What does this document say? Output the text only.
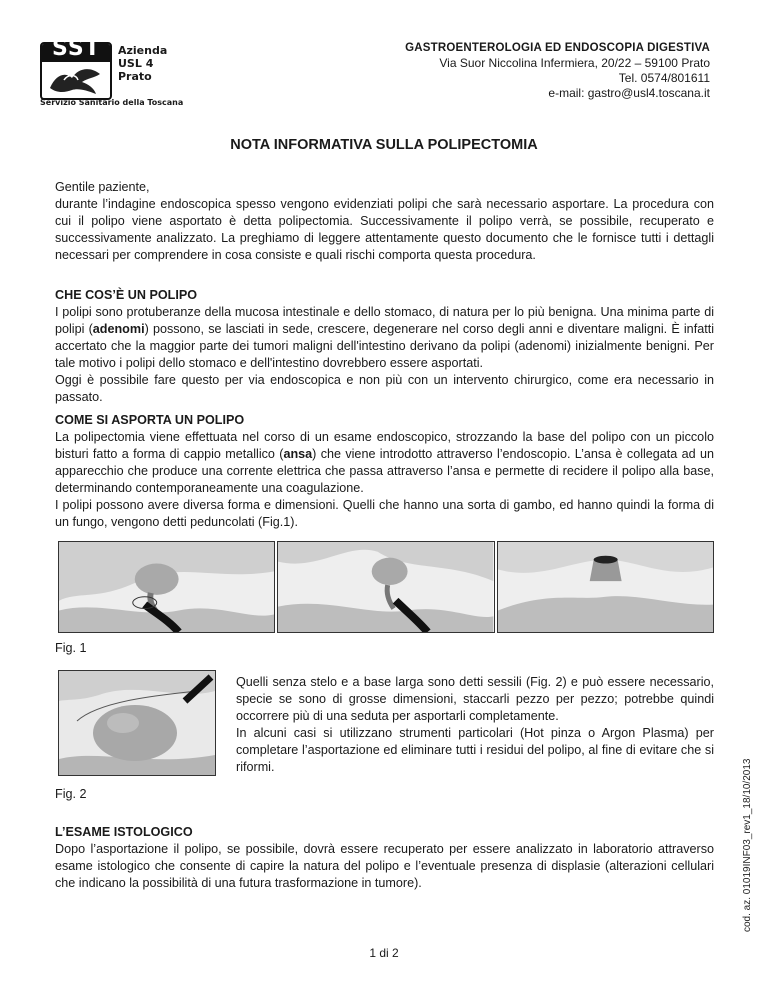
SST Azienda
USL 4
Prato
Servizio Sanitario della Toscana
GASTROENTEROLOGIA ED ENDOSCOPIA DIGESTIVA
Via Suor Niccolina Infermiera, 20/22 – 59100 Prato
Tel. 0574/801611
e-mail: gastro@usl4.toscana.it
NOTA INFORMATIVA SULLA POLIPECTOMIA

Gentile paziente,

durante l’indagine endoscopica spesso vengono evidenziati polipi che sarà necessario asportare. La procedura con cui il polipo viene asportato è detta polipectomia. Successivamente il polipo verrà, se possibile, recuperato e successivamente analizzato. La preghiamo di leggere attentamente questo documento che le fornisce tutti i dettagli necessari per comprendere in cosa consiste e quali rischi comporta questa procedura.

CHE COS’È UN POLIPO

I polipi sono protuberanze della mucosa intestinale e dello stomaco, di natura per lo più benigna. Una minima parte di polipi (adenomi) possono, se lasciati in sede, crescere, degenerare nel corso degli anni e diventare maligni. È infatti accertato che la maggior parte dei tumori maligni dell'intestino derivano da polipi (adenomi) inizialmente benigni. Per tale motivo i polipi dello stomaco e dell'intestino dovrebbero essere asportati.

Oggi è possibile fare questo per via endoscopica e non più con un intervento chirurgico, come era necessario in passato.

COME SI ASPORTA UN POLIPO

La polipectomia viene effettuata nel corso di un esame endoscopico, strozzando la base del polipo con un piccolo bisturi fatto a forma di cappio metallico (ansa) che viene introdotto attraverso l’endoscopio. L’ansa è collegata ad un apparecchio che produce una corrente elettrica che passa attraverso l’ansa e permette di recidere il polipo alla base, determinando contemporaneamente una coagulazione.

I polipi possono avere diversa forma e dimensioni. Quelli che hanno una sorta di gambo, ed hanno quindi la forma di un fungo, vengono detti peduncolati (Fig.1).

Fig. 1

Quelli senza stelo e a base larga sono detti sessili (Fig. 2) e può essere necessario, specie se sono di grosse dimensioni, staccarli pezzo per pezzo; potrebbe quindi occorrere più di una seduta per asportarli completamente.

In alcuni casi si utilizzano strumenti particolari (Hot pinza o Argon Plasma) per completare l’asportazione ed eliminare tutti i residui del polipo, al fine di evitare che si riformi.

Fig. 2

L’ESAME ISTOLOGICO

Dopo l’asportazione il polipo, se possibile, dovrà essere recuperato per essere analizzato in laboratorio attraverso esame istologico che consente di capire la natura del polipo e l’eventuale presenza di displasie (alterazioni cellulari che indicano la possibilità di una futura trasformazione in tumore).

1 di 2
cod. az. 01019INF03_rev1_18/10/2013
